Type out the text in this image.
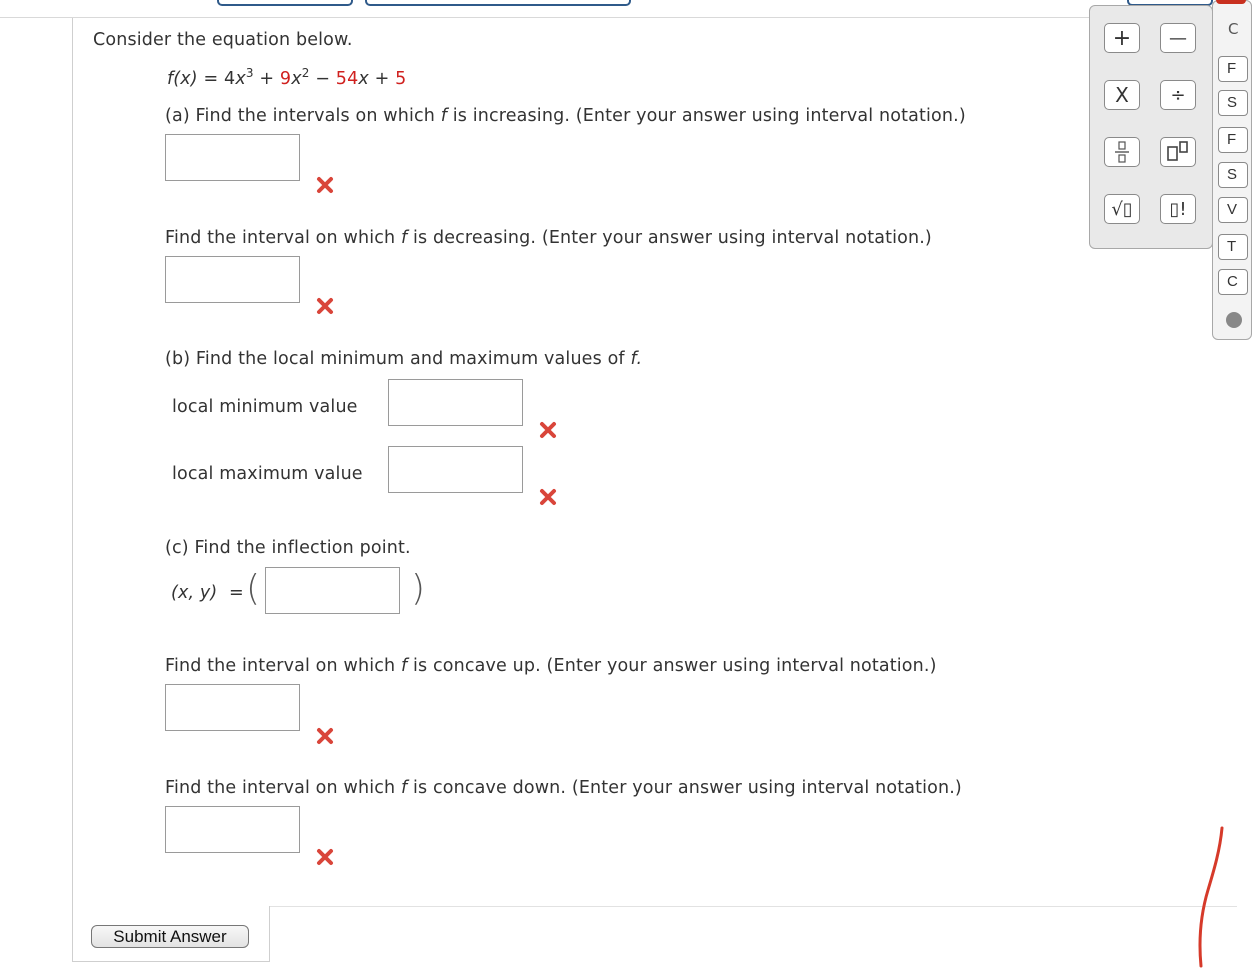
Consider the equation below.
$f(x) = 4x^3 + 9x^2 - 54x + 5$
(a) Find the intervals on which f is increasing. (Enter your answer using interval notation.)
Find the interval on which f is decreasing. (Enter your answer using interval notation.)
(b) Find the local minimum and maximum values of f.
local minimum value
local maximum value
(c) Find the inflection point.
(x, y) = (	)
Find the interval on which f is concave up. (Enter your answer using interval notation.)
Find the interval on which f is concave down. (Enter your answer using interval notation.)
Submit Answer
+	—
X	÷
√▯	▯!
C
F
S
F
S
V
T
C
